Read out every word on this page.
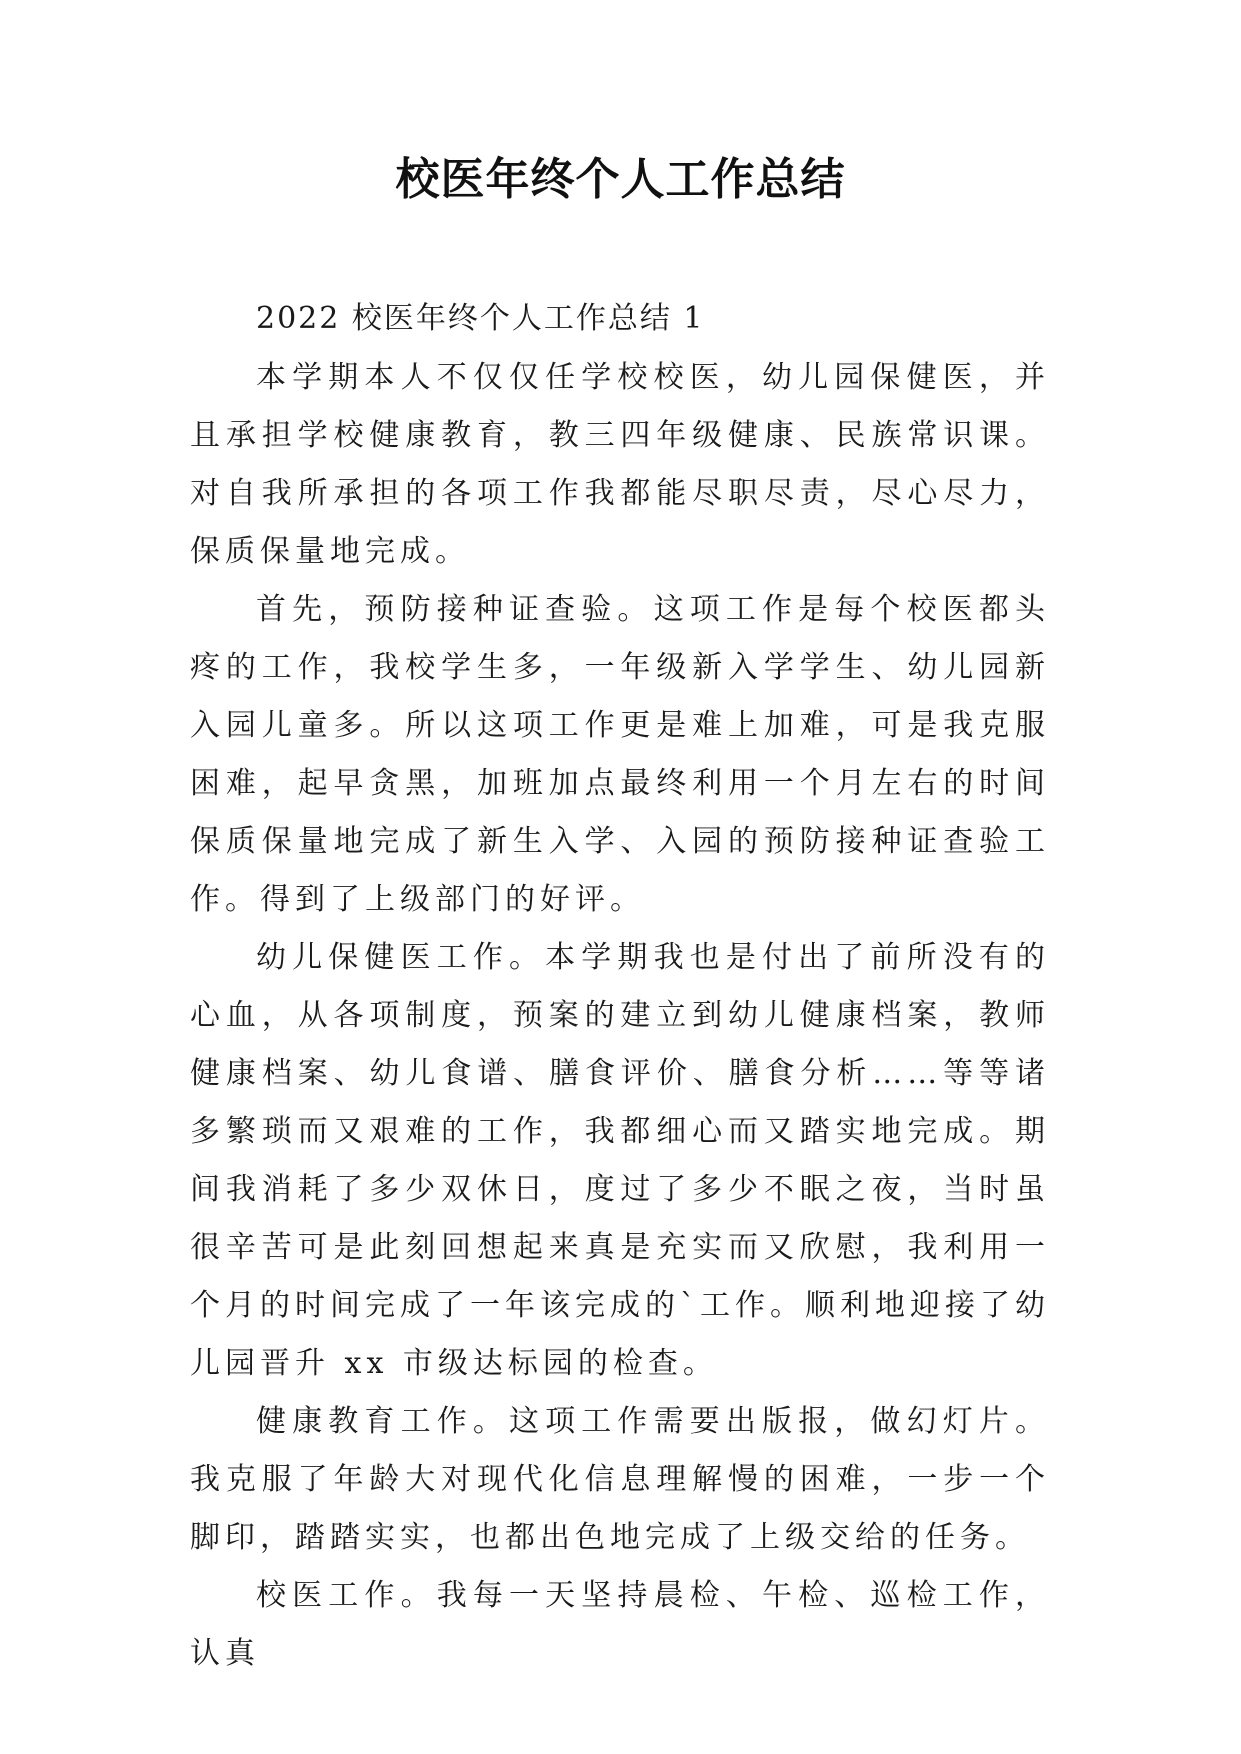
校医年终个人工作总结

2022 校医年终个人工作总结 1

本学期本人不仅仅任学校校医，幼儿园保健医，并且承担学校健康教育，教三四年级健康、民族常识课。对自我所承担的各项工作我都能尽职尽责，尽心尽力，保质保量地完成。

首先，预防接种证查验。这项工作是每个校医都头疼的工作，我校学生多，一年级新入学学生、幼儿园新入园儿童多。所以这项工作更是难上加难，可是我克服困难，起早贪黑，加班加点最终利用一个月左右的时间保质保量地完成了新生入学、入园的预防接种证查验工作。得到了上级部门的好评。

幼儿保健医工作。本学期我也是付出了前所没有的心血，从各项制度，预案的建立到幼儿健康档案，教师健康档案、幼儿食谱、膳食评价、膳食分析……等等诸多繁琐而又艰难的工作，我都细心而又踏实地完成。期间我消耗了多少双休日，度过了多少不眠之夜，当时虽很辛苦可是此刻回想起来真是充实而又欣慰，我利用一个月的时间完成了一年该完成的`工作。顺利地迎接了幼儿园晋升 xx 市级达标园的检查。

健康教育工作。这项工作需要出版报，做幻灯片。我克服了年龄大对现代化信息理解慢的困难，一步一个脚印，踏踏实实，也都出色地完成了上级交给的任务。

校医工作。我每一天坚持晨检、午检、巡检工作，认真
